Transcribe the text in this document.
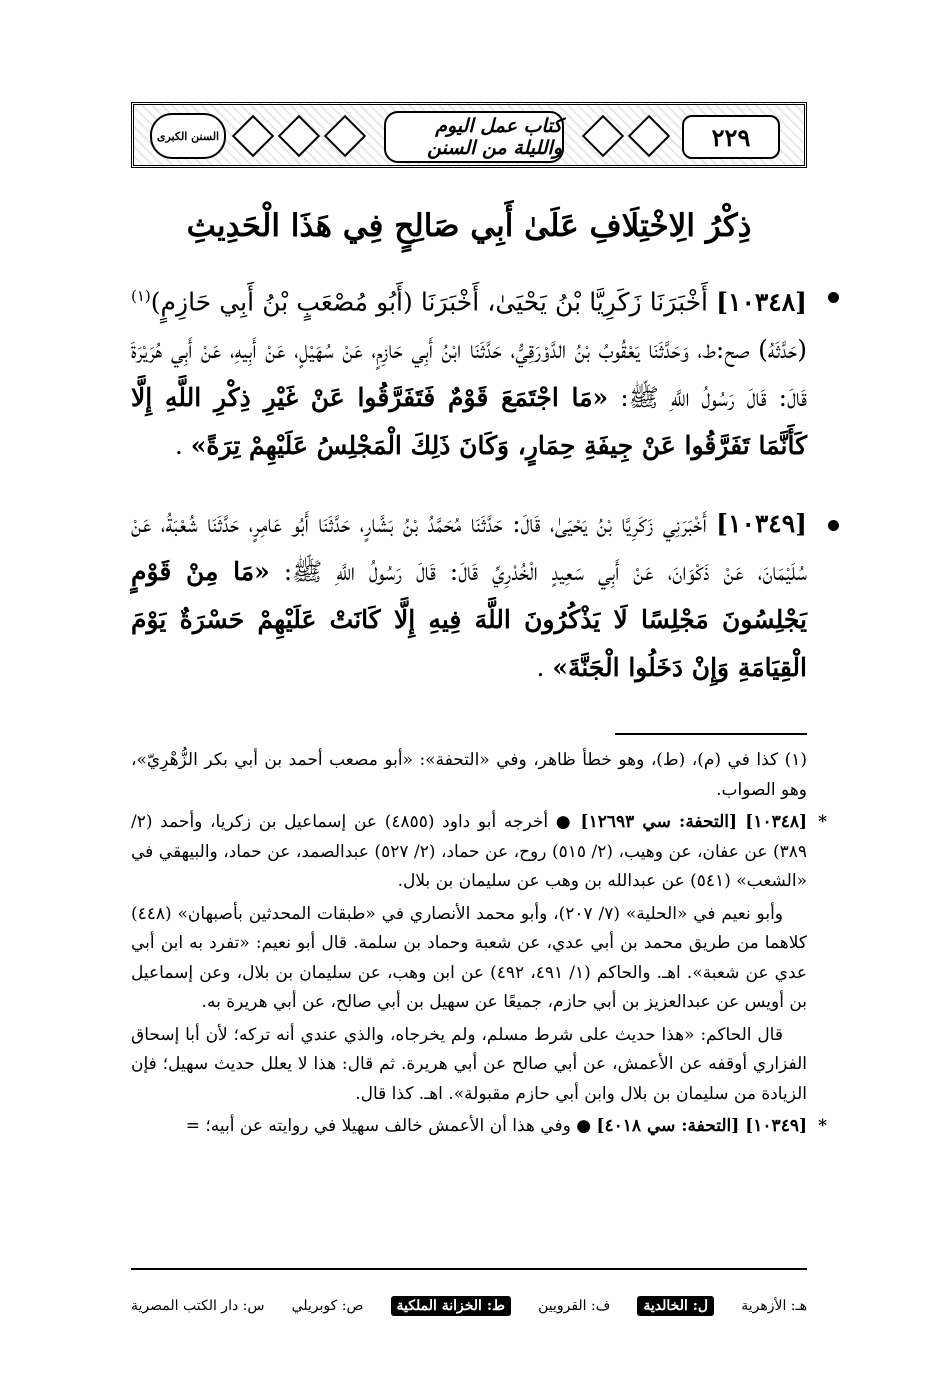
السنن الكبرى	كتاب عمل اليوم والليلة من السنن	٢٢٩
ذِكْرُ الِاخْتِلَافِ عَلَىٰ أَبِي صَالِحٍ فِي هَذَا الْحَدِيثِ
[١٠٣٤٨] أَخْبَرَنَا زَكَرِيَّا بْنُ يَحْيَىٰ، أَخْبَرَنَا (أَبُو مُصْعَبٍ بْنُ أَبِي حَازِمٍ)$^{(١)}$ (حَدَّثَهُ) صح:ط، وَحَدَّثَنَا يَعْقُوبُ بْنُ الدَّوْرَقِيُّ، حَدَّثَنَا ابْنُ أَبِي حَازِمٍ، عَنْ سُهَيْلٍ، عَنْ أَبِيهِ، عَنْ أَبِي هُرَيْرَةَ قَالَ: قَالَ رَسُولُ اللَّهِ ﷺ: «مَا اجْتَمَعَ قَوْمٌ فَتَفَرَّقُوا عَنْ غَيْرِ ذِكْرِ اللَّهِ إِلَّا كَأَنَّمَا تَفَرَّقُوا عَنْ جِيفَةِ حِمَارٍ، وَكَانَ ذَلِكَ الْمَجْلِسُ عَلَيْهِمْ تِرَةً» .
[١٠٣٤٩] أَخْبَرَنِي زَكَرِيَّا بْنُ يَحْيَىٰ، قَالَ: حَدَّثَنَا مُحَمَّدُ بْنُ بَشَّارٍ، حَدَّثَنَا أَبُو عَامِرٍ، حَدَّثَنَا شُعْبَةُ، عَنْ سُلَيْمَانَ، عَنْ ذَكْوَانَ، عَنْ أَبِي سَعِيدٍ الْخُدْرِيِّ قَالَ: قَالَ رَسُولُ اللَّهِ ﷺ: «مَا مِنْ قَوْمٍ يَجْلِسُونَ مَجْلِسًا لَا يَذْكُرُونَ اللَّهَ فِيهِ إِلَّا كَانَتْ عَلَيْهِمْ حَسْرَةٌ يَوْمَ الْقِيَامَةِ وَإِنْ دَخَلُوا الْجَنَّةَ» .

(١) كذا في (م)، (ط)، وهو خطأ ظاهر، وفي «التحفة»: «أبو مصعب أحمد بن أبي بكر الزُّهْرِيّ»، وهو الصواب.

*
[١٠٣٤٨] [التحفة: سي ١٢٦٩٣] ● أخرجه أبو داود (٤٨٥٥) عن إسماعيل بن زكريا، وأحمد (٢/ ٣٨٩) عن عفان، عن وهيب، (٢/ ٥١٥) روح، عن حماد، (٢/ ٥٢٧) عبدالصمد، عن حماد، والبيهقي في «الشعب» (٥٤١) عن عبدالله بن وهب عن سليمان بن بلال.

وأبو نعيم في «الحلية» (٧/ ٢٠٧)، وأبو محمد الأنصاري في «طبقات المحدثين بأصبهان» (٤٤٨) كلاهما من طريق محمد بن أبي عدي، عن شعبة وحماد بن سلمة. قال أبو نعيم: «تفرد به ابن أبي عدي عن شعبة». اهـ. والحاكم (١/ ٤٩١، ٤٩٢) عن ابن وهب، عن سليمان بن بلال، وعن إسماعيل بن أويس عن عبدالعزيز بن أبي حازم، جميعًا عن سهيل بن أبي صالح، عن أبي هريرة به.

قال الحاكم: «هذا حديث على شرط مسلم، ولم يخرجاه، والذي عندي أنه تركه؛ لأن أبا إسحاق الفزاري أوقفه عن الأعمش، عن أبي صالح عن أبي هريرة. ثم قال: هذا لا يعلل حديث سهيل؛ فإن الزيادة من سليمان بن بلال وابن أبي حازم مقبولة». اهـ. كذا قال.

*
[١٠٣٤٩] [التحفة: سي ٤٠١٨] ● وفي هذا أن الأعمش خالف سهيلا في روايته عن أبيه؛ =

س: دار الكتب المصرية ص: كوبريلي	ط: الخزانة الملكية	ف: القرويين	ل: الخالدية	هـ: الأزهرية
